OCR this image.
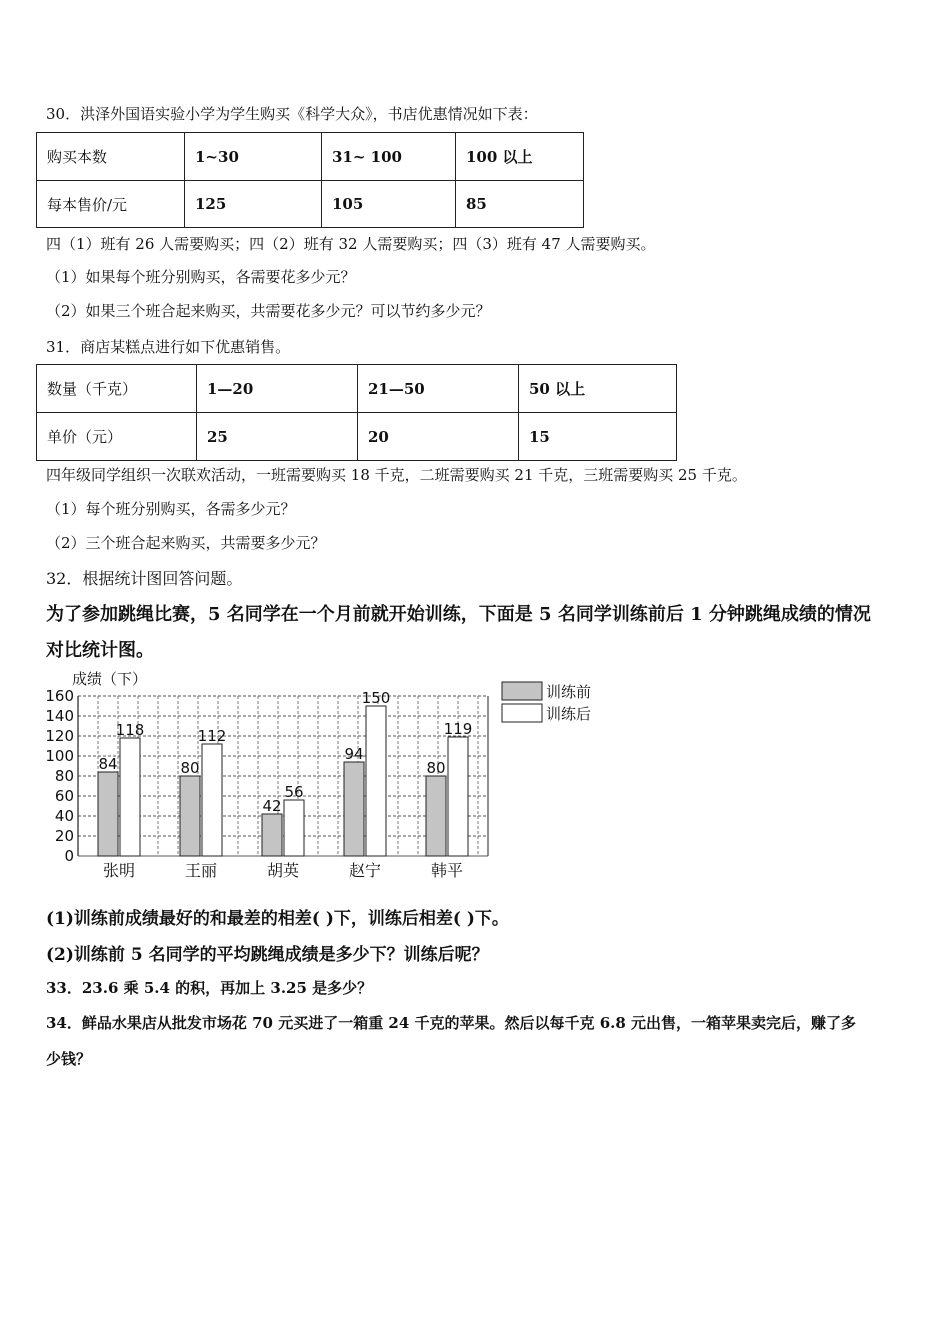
30．洪泽外国语实验小学为学生购买《科学大众》，书店优惠情况如下表：
购买本数	1~30	31~ 100	100 以上
每本售价/元	125	105	85
四（1）班有 26 人需要购买；四（2）班有 32 人需要购买；四（3）班有 47 人需要购买。
（1）如果每个班分别购买，各需要花多少元？
（2）如果三个班合起来购买，共需要花多少元？可以节约多少元？
31．商店某糕点进行如下优惠销售。
数量（千克）	1—20	21—50	50 以上
单价（元）	25	20	15
四年级同学组织一次联欢活动，一班需要购买 18 千克，二班需要购买 21 千克，三班需要购买 25 千克。
（1）每个班分别购买，各需多少元？
（2）三个班合起来购买，共需要多少元？
32．根据统计图回答问题。
为了参加跳绳比赛，5 名同学在一个月前就开始训练，下面是 5 名同学训练前后 1 分钟跳绳成绩的情况
对比统计图。
成绩（下）
0
20
40
60
80
100
120
140
160
84
118
80
112
42
56
94
150
80
119
张明	王丽	胡英	赵宁	韩平
训练前
训练后
(1)训练前成绩最好的和最差的相差( )下，训练后相差( )下。
(2)训练前 5 名同学的平均跳绳成绩是多少下？训练后呢？
33．23.6 乘 5.4 的积，再加上 3.25 是多少？
34．鲜品水果店从批发市场花 70 元买进了一箱重 24 千克的苹果。然后以每千克 6.8 元出售，一箱苹果卖完后，赚了多
少钱？
